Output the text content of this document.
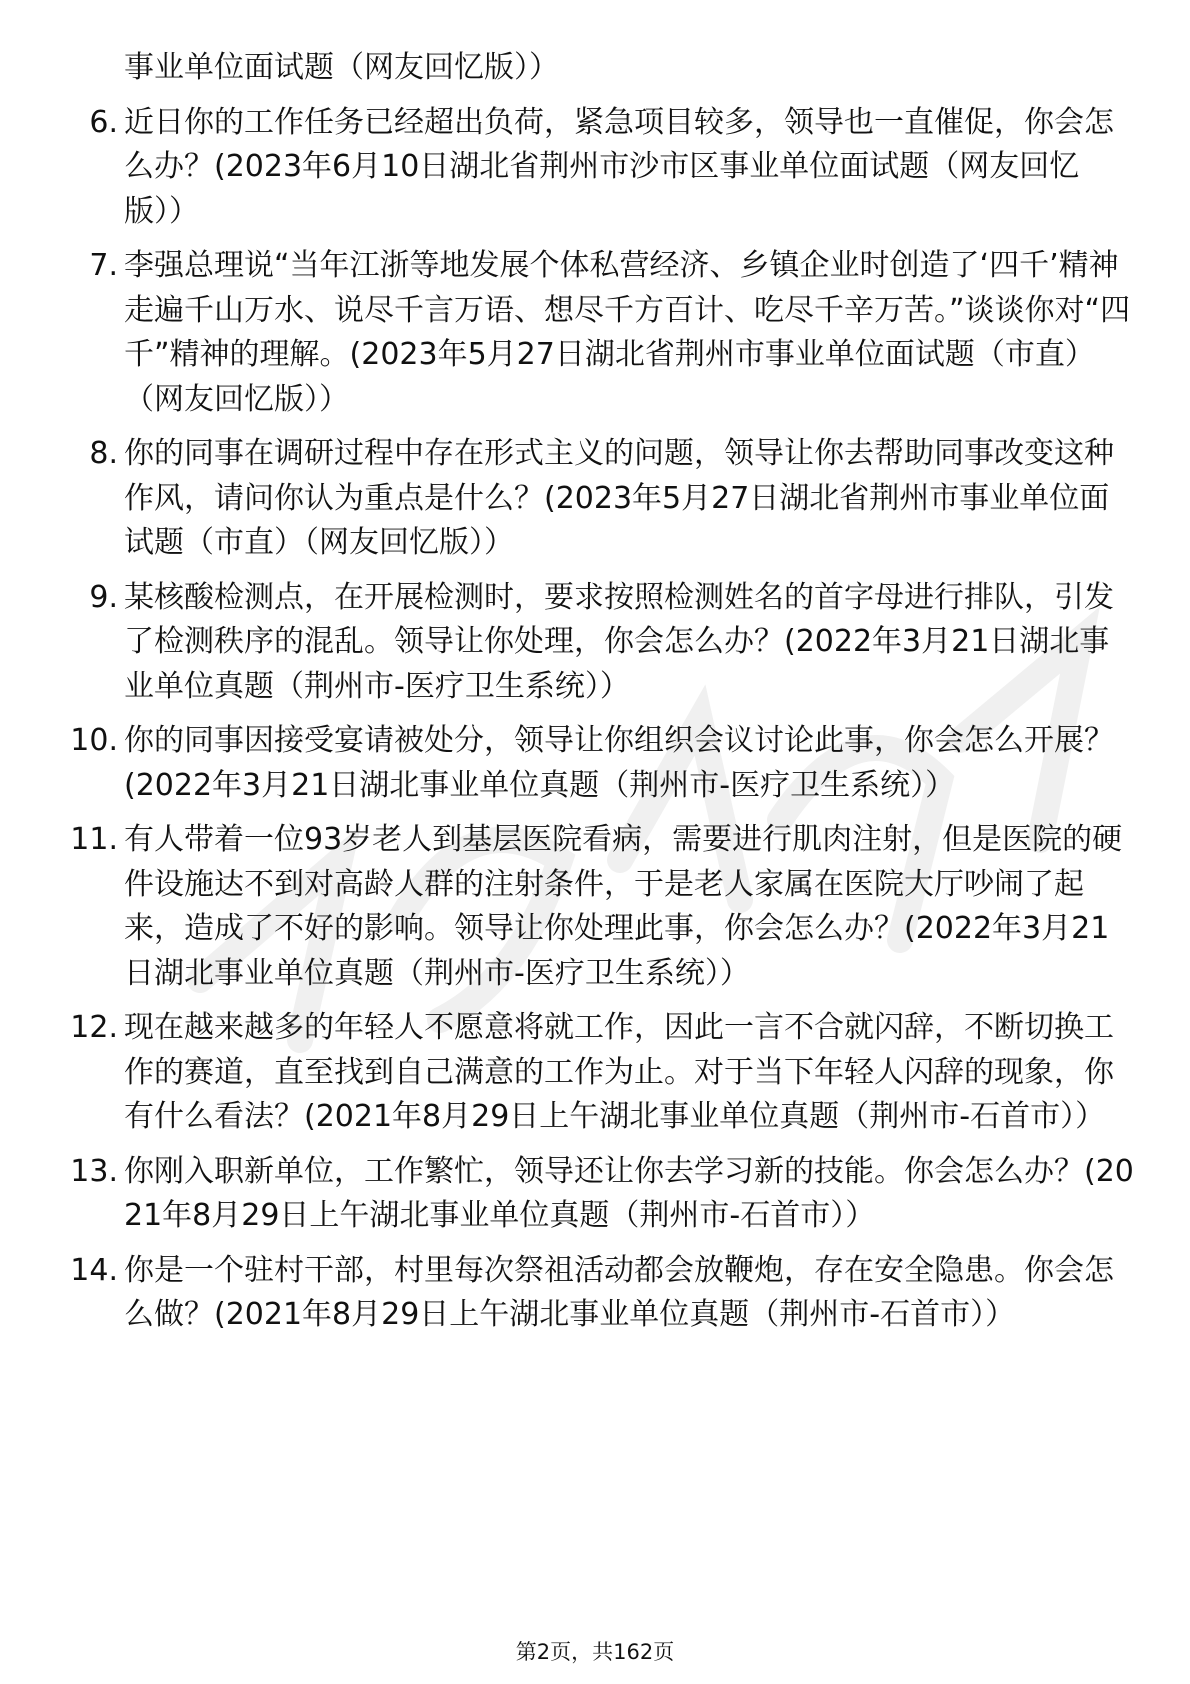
事业单位面试题（网友回忆版））
6. 近日你的工作任务已经超出负荷，紧急项目较多，领导也一直催促，你会怎么办？(2023年6月10日湖北省荆州市沙市区事业单位面试题（网友回忆版））
7. 李强总理说“当年江浙等地发展个体私营经济、乡镇企业时创造了‘四千’精神走遍千山万水、说尽千言万语、想尽千方百计、吃尽千辛万苦。”谈谈你对“四千”精神的理解。(2023年5月27日湖北省荆州市事业单位面试题（市直）（网友回忆版））
8. 你的同事在调研过程中存在形式主义的问题，领导让你去帮助同事改变这种作风，请问你认为重点是什么？(2023年5月27日湖北省荆州市事业单位面试题（市直）（网友回忆版））
9. 某核酸检测点，在开展检测时，要求按照检测姓名的首字母进行排队，引发了检测秩序的混乱。领导让你处理，你会怎么办？(2022年3月21日湖北事业单位真题（荆州市-医疗卫生系统））
10. 你的同事因接受宴请被处分，领导让你组织会议讨论此事，你会怎么开展？(2022年3月21日湖北事业单位真题（荆州市-医疗卫生系统））
11. 有人带着一位93岁老人到基层医院看病，需要进行肌肉注射，但是医院的硬件设施达不到对高龄人群的注射条件，于是老人家属在医院大厅吵闹了起来，造成了不好的影响。领导让你处理此事，你会怎么办？(2022年3月21日湖北事业单位真题（荆州市-医疗卫生系统））
12. 现在越来越多的年轻人不愿意将就工作，因此一言不合就闪辞，不断切换工作的赛道，直至找到自己满意的工作为止。对于当下年轻人闪辞的现象，你有什么看法？(2021年8月29日上午湖北事业单位真题（荆州市-石首市））
13. 你刚入职新单位，工作繁忙，领导还让你去学习新的技能。你会怎么办？(2021年8月29日上午湖北事业单位真题（荆州市-石首市））
14. 你是一个驻村干部，村里每次祭祖活动都会放鞭炮，存在安全隐患。你会怎么做？(2021年8月29日上午湖北事业单位真题（荆州市-石首市））
第2页，共162页
